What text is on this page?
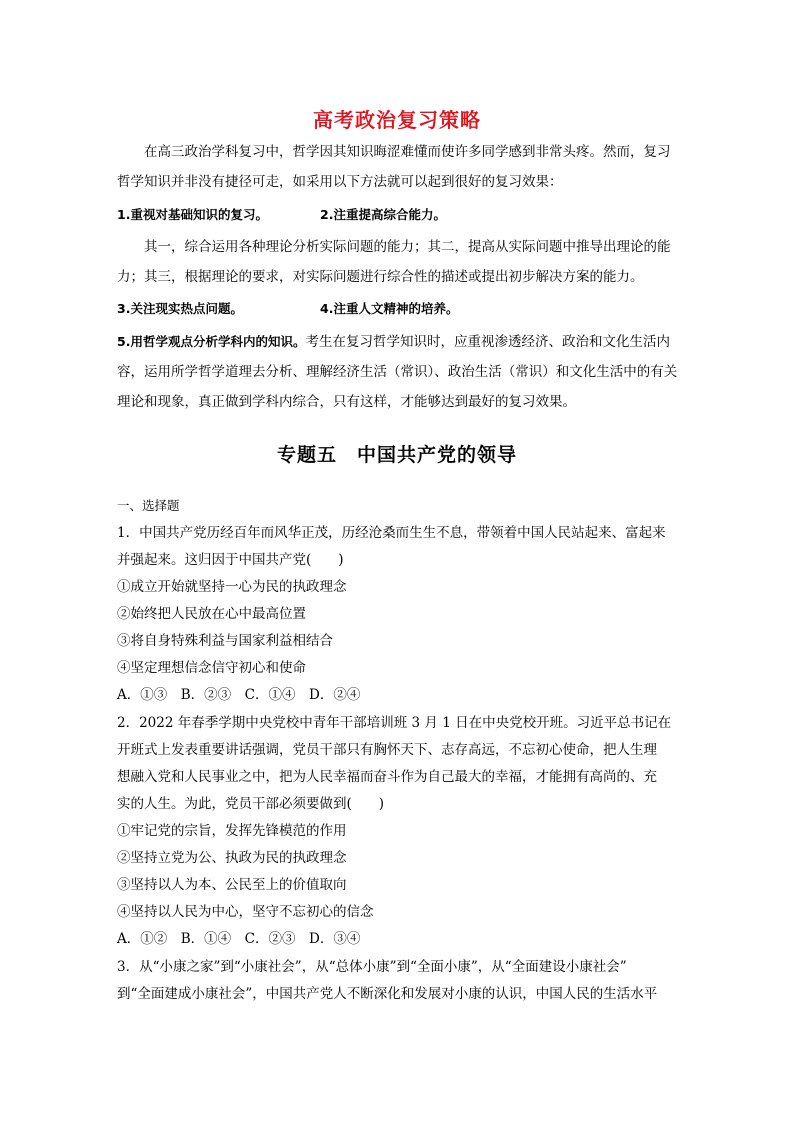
高考政治复习策略
在高三政治学科复习中，哲学因其知识晦涩难懂而使许多同学感到非常头疼。然而，复习哲学知识并非没有捷径可走，如采用以下方法就可以起到很好的复习效果：
1.重视对基础知识的复习。	2.注重提高综合能力。
其一，综合运用各种理论分析实际问题的能力；其二，提高从实际问题中推导出理论的能力；其三，根据理论的要求，对实际问题进行综合性的描述或提出初步解决方案的能力。
3.关注现实热点问题。	4.注重人文精神的培养。
5.用哲学观点分析学科内的知识。考生在复习哲学知识时，应重视渗透经济、政治和文化生活内容，运用所学哲学道理去分析、理解经济生活（常识）、政治生活（常识）和文化生活中的有关理论和现象，真正做到学科内综合，只有这样，才能够达到最好的复习效果。
专题五　中国共产党的领导
一、选择题
1．中国共产党历经百年而风华正茂，历经沧桑而生生不息，带领着中国人民站起来、富起来
并强起来。这归因于中国共产党(　　)
①成立开始就坚持一心为民的执政理念
②始终把人民放在心中最高位置
③将自身特殊利益与国家利益相结合
④坚定理想信念信守初心和使命
A．①③　B．②③　C．①④　D．②④
2．2022 年春季学期中央党校中青年干部培训班 3 月 1 日在中央党校开班。习近平总书记在
开班式上发表重要讲话强调，党员干部只有胸怀天下、志存高远，不忘初心使命，把人生理
想融入党和人民事业之中，把为人民幸福而奋斗作为自己最大的幸福，才能拥有高尚的、充
实的人生。为此，党员干部必须要做到(　　)
①牢记党的宗旨，发挥先锋模范的作用
②坚持立党为公、执政为民的执政理念
③坚持以人为本、公民至上的价值取向
④坚持以人民为中心，坚守不忘初心的信念
A．①②　B．①④　C．②③　D．③④
3．从“小康之家”到“小康社会”，从“总体小康”到“全面小康”，从“全面建设小康社会”
到“全面建成小康社会”，中国共产党人不断深化和发展对小康的认识，中国人民的生活水平
